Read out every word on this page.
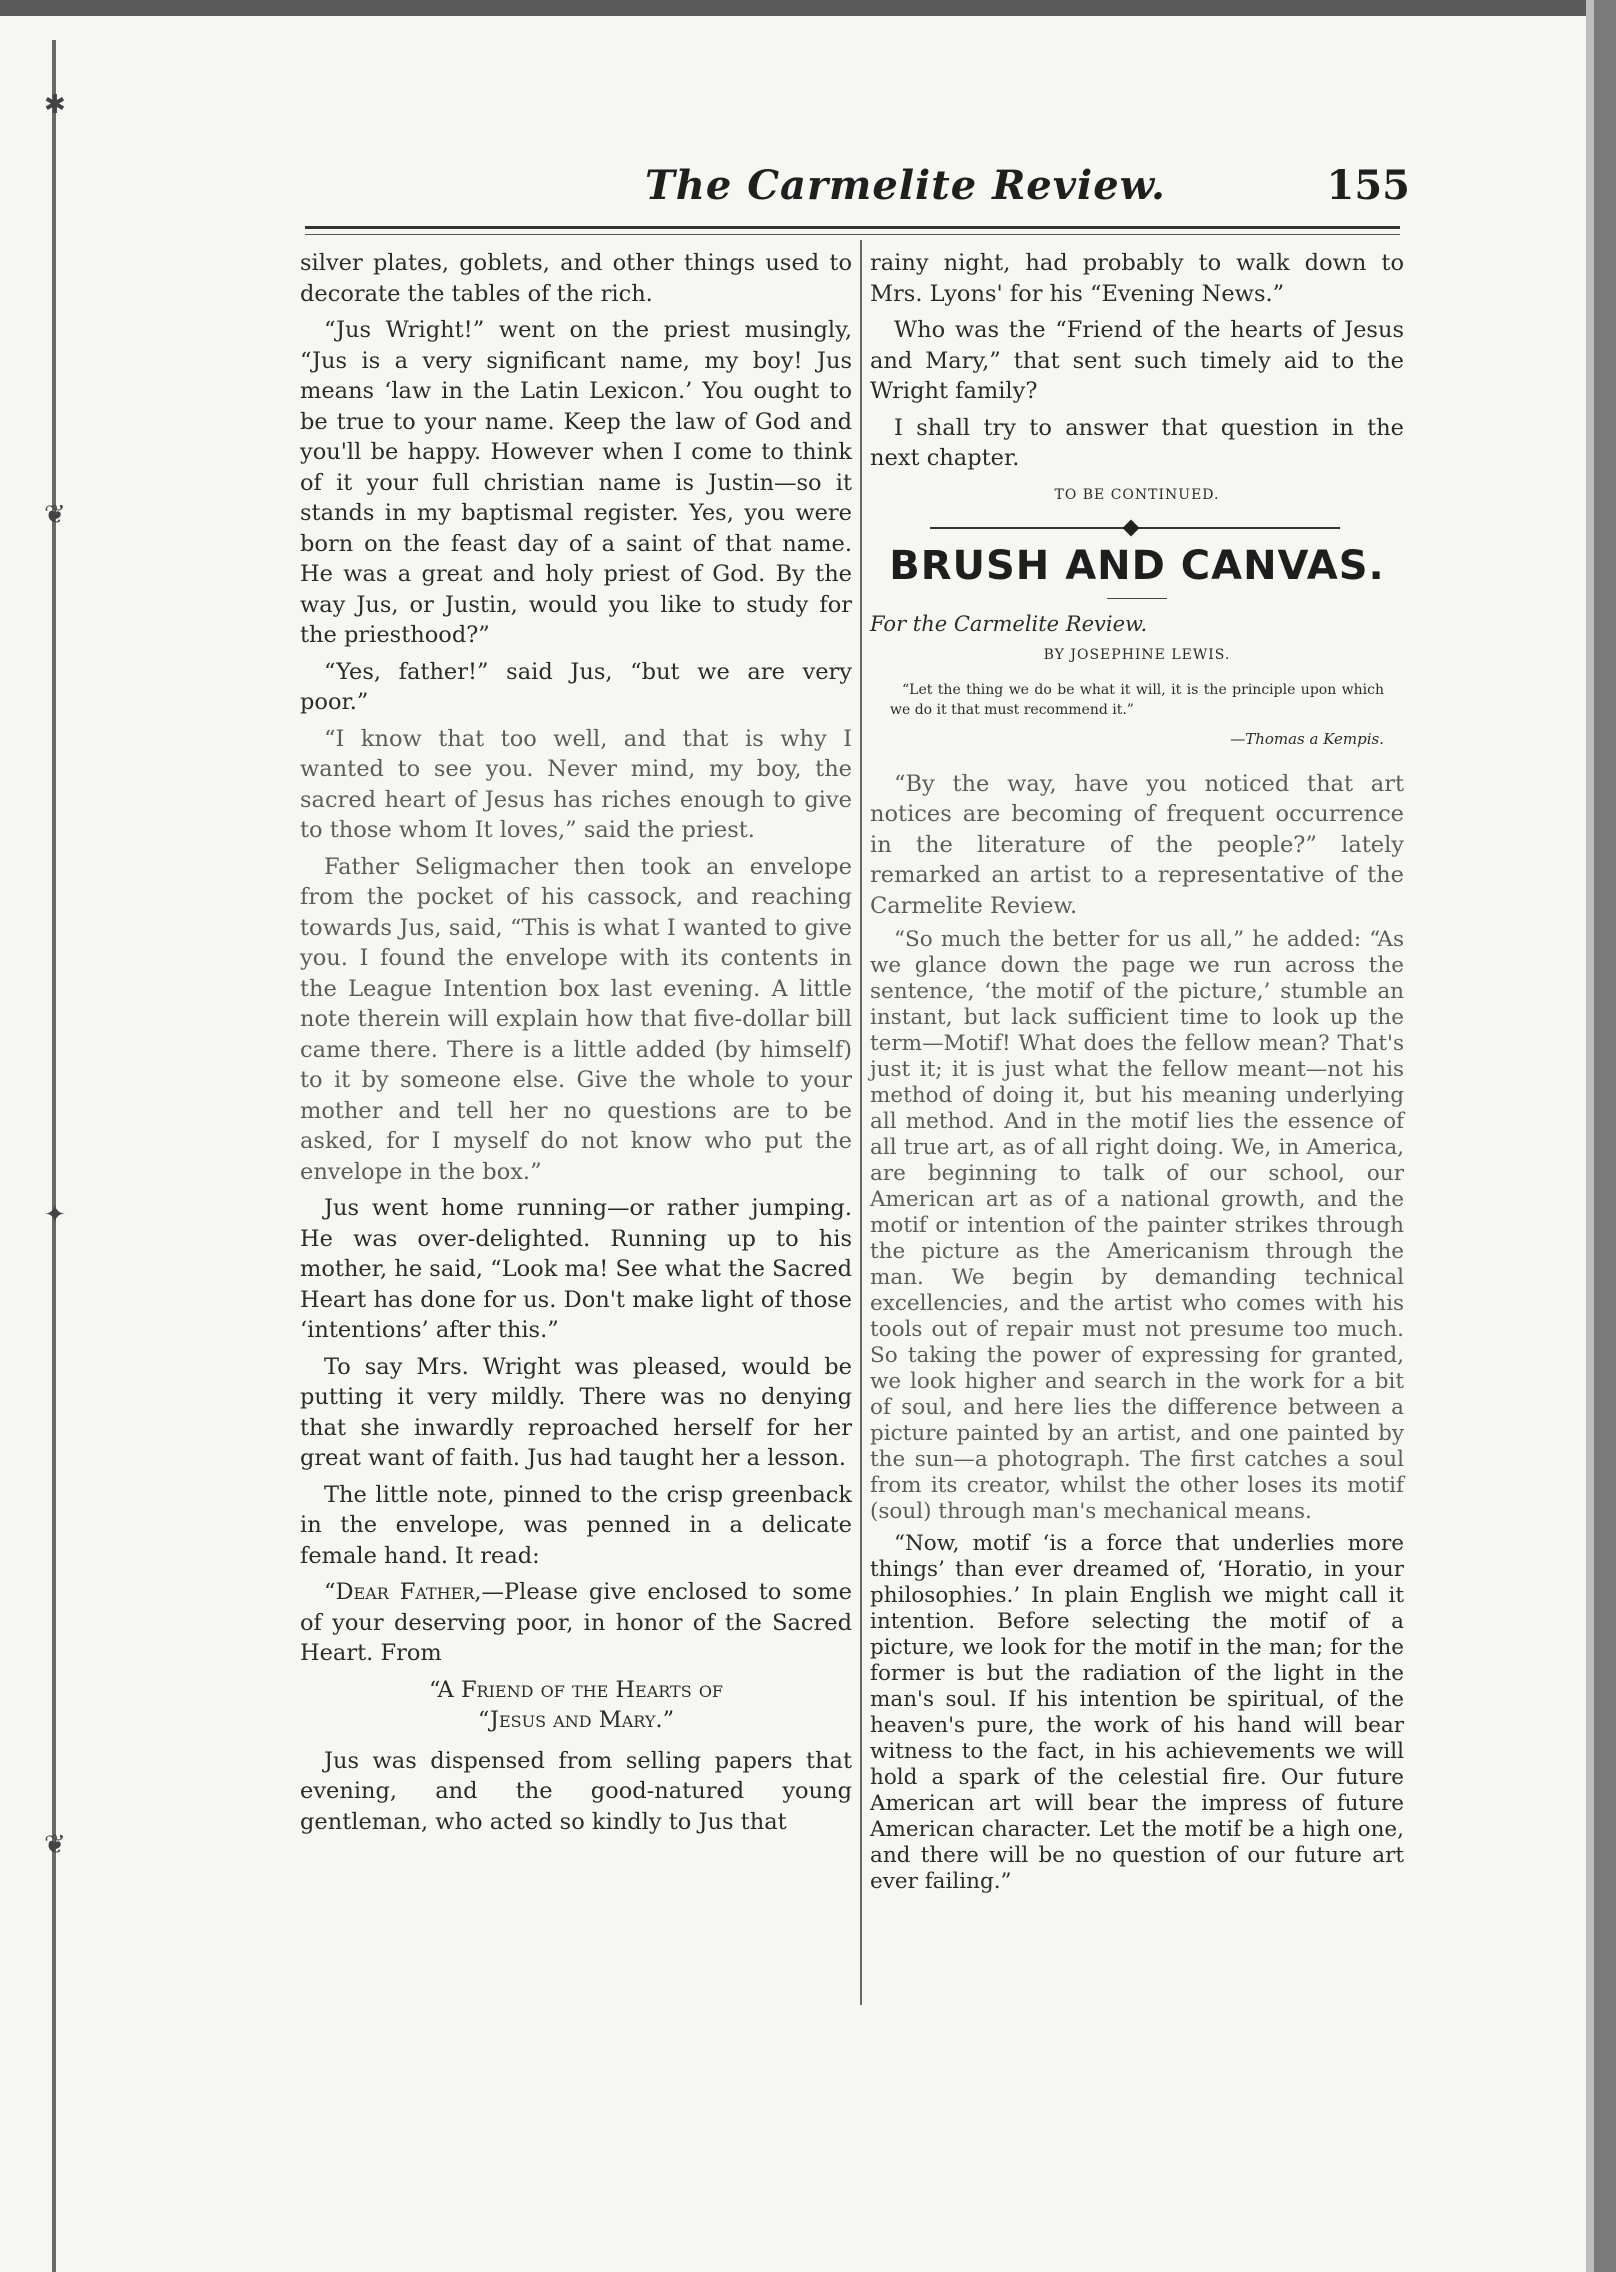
✱
❦
✦
❦
The Carmelite Review.	155

silver plates, goblets, and other things used to decorate the tables of the rich.

“Jus Wright!” went on the priest musingly, “Jus is a very significant name, my boy! Jus means ‘law in the Latin Lexicon.’ You ought to be true to your name. Keep the law of God and you'll be happy. However when I come to think of it your full christian name is Justin—so it stands in my baptismal register. Yes, you were born on the feast day of a saint of that name. He was a great and holy priest of God. By the way Jus, or Justin, would you like to study for the priesthood?”

“Yes, father!” said Jus, “but we are very poor.”

“I know that too well, and that is why I wanted to see you. Never mind, my boy, the sacred heart of Jesus has riches enough to give to those whom It loves,” said the priest.

Father Seligmacher then took an envelope from the pocket of his cassock, and reaching towards Jus, said, “This is what I wanted to give you. I found the envelope with its contents in the League Intention box last evening. A little note therein will explain how that five-dollar bill came there. There is a little added (by himself) to it by someone else. Give the whole to your mother and tell her no questions are to be asked, for I myself do not know who put the envelope in the box.”

Jus went home running—or rather jumping. He was over-delighted. Running up to his mother, he said, “Look ma! See what the Sacred Heart has done for us. Don't make light of those ‘intentions’ after this.”

To say Mrs. Wright was pleased, would be putting it very mildly. There was no denying that she inwardly reproached herself for her great want of faith. Jus had taught her a lesson.

The little note, pinned to the crisp greenback in the envelope, was penned in a delicate female hand. It read:

“Dear Father,—Please give enclosed to some of your deserving poor, in honor of the Sacred Heart. From

“A Friend of the Hearts of

“Jesus and Mary.”

Jus was dispensed from selling papers that evening, and the good-natured young gentleman, who acted so kindly to Jus that

rainy night, had probably to walk down to Mrs. Lyons' for his “Evening News.”

Who was the “Friend of the hearts of Jesus and Mary,” that sent such timely aid to the Wright family?

I shall try to answer that question in the next chapter.

TO BE CONTINUED.
BRUSH AND CANVAS.
For the Carmelite Review.
BY JOSEPHINE LEWIS.
“Let the thing we do be what it will, it is the principle upon which we do it that must recommend it.”
—Thomas a Kempis.

“By the way, have you noticed that art notices are becoming of frequent occurrence in the literature of the people?” lately remarked an artist to a representative of the Carmelite Review.

“So much the better for us all,” he added: “As we glance down the page we run across the sentence, ‘the motif of the picture,’ stumble an instant, but lack sufficient time to look up the term—Motif! What does the fellow mean? That's just it; it is just what the fellow meant—not his method of doing it, but his meaning underlying all method. And in the motif lies the essence of all true art, as of all right doing. We, in America, are beginning to talk of our school, our American art as of a national growth, and the motif or intention of the painter strikes through the picture as the Americanism through the man. We begin by demanding technical excellencies, and the artist who comes with his tools out of repair must not presume too much. So taking the power of expressing for granted, we look higher and search in the work for a bit of soul, and here lies the difference between a picture painted by an artist, and one painted by the sun—a photograph. The first catches a soul from its creator, whilst the other loses its motif (soul) through man's mechanical means.

“Now, motif ‘is a force that underlies more things’ than ever dreamed of, ‘Horatio, in your philosophies.’ In plain English we might call it intention. Before selecting the motif of a picture, we look for the motif in the man; for the former is but the radiation of the light in the man's soul. If his intention be spiritual, of the heaven's pure, the work of his hand will bear witness to the fact, in his achievements we will hold a spark of the celestial fire. Our future American art will bear the impress of future American character. Let the motif be a high one, and there will be no question of our future art ever failing.”
